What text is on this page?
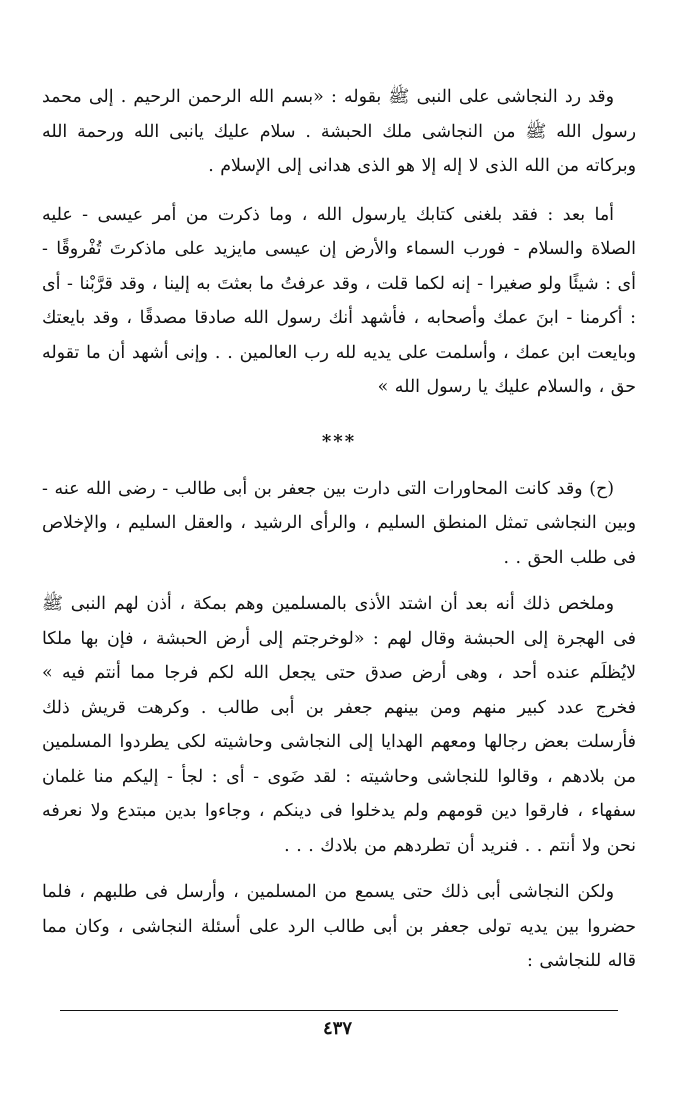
وقد رد النجاشى على النبى ﷺ بقوله : «بسم الله الرحمن الرحيم . إلى محمد رسول الله ﷺ من النجاشى ملك الحبشة . سلام عليك يانبى الله ورحمة الله وبركاته من الله الذى لا إله إلا هو الذى هدانى إلى الإسلام .

أما بعد : فقد بلغنى كتابك يارسول الله ، وما ذكرت من أمر عيسى - عليه الصلاة والسلام - فورب السماء والأرض إن عيسى مايزيد على ماذكرتَ تُفْروقًا - أى : شيئًا ولو صغيرا - إنه لكما قلت ، وقد عرفتُ ما بعثتَ به إلينا ، وقد قرَّبْنا - أى : أكرمنا - ابنَ عمك وأصحابه ، فأشهد أنك رسول الله صادقا مصدقًا ، وقد بايعتك وبايعت ابن عمك ، وأسلمت على يديه لله رب العالمين . . وإنى أشهد أن ما تقوله حق ، والسلام عليك يا رسول الله »

***

(ح) وقد كانت المحاورات التى دارت بين جعفر بن أبى طالب - رضى الله عنه - وبين النجاشى تمثل المنطق السليم ، والرأى الرشيد ، والعقل السليم ، والإخلاص فى طلب الحق . .

وملخص ذلك أنه بعد أن اشتد الأذى بالمسلمين وهم بمكة ، أذن لهم النبى ﷺ فى الهجرة إلى الحبشة وقال لهم : «لوخرجتم إلى أرض الحبشة ، فإن بها ملكا لايُظلَم عنده أحد ، وهى أرض صدق حتى يجعل الله لكم فرجا مما أنتم فيه » فخرج عدد كبير منهم ومن بينهم جعفر بن أبى طالب . وكرهت قريش ذلك فأرسلت بعض رجالها ومعهم الهدايا إلى النجاشى وحاشيته لكى يطردوا المسلمين من بلادهم ، وقالوا للنجاشى وحاشيته : لقد ضَوى - أى : لجأ - إليكم منا غلمان سفهاء ، فارقوا دين قومهم ولم يدخلوا فى دينكم ، وجاءوا بدين مبتدع ولا نعرفه نحن ولا أنتم . . فنريد أن تطردهم من بلادك . . .

ولكن النجاشى أبى ذلك حتى يسمع من المسلمين ، وأرسل فى طلبهم ، فلما حضروا بين يديه تولى جعفر بن أبى طالب الرد على أسئلة النجاشى ، وكان مما قاله للنجاشى :

٤٣٧
